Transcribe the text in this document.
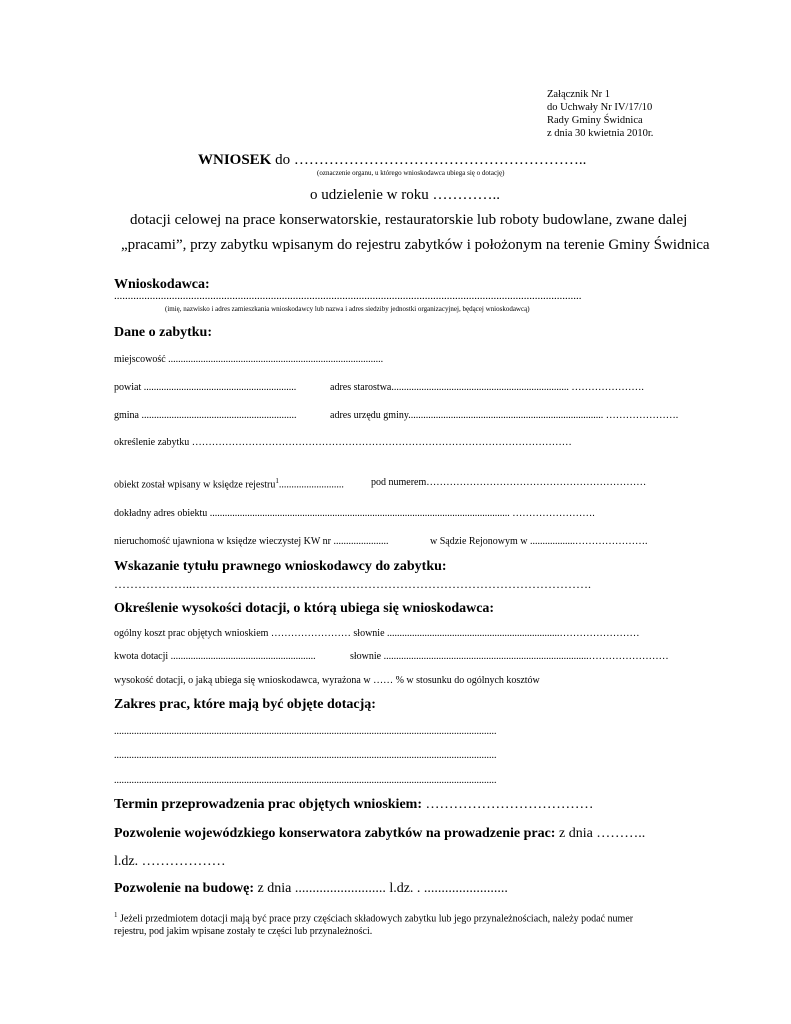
Załącznik Nr 1
do Uchwały Nr IV/17/10
Rady Gminy Świdnica
z dnia 30 kwietnia 2010r.
WNIOSEK do …………………………………………………..
(oznaczenie organu, u którego wnioskodawca ubiega się o dotację)
o udzielenie w roku …………..
dotacji celowej na prace konserwatorskie, restauratorskie lub roboty budowlane, zwane dalej
„pracami”, przy zabytku wpisanym do rejestru zabytków i położonym na terenie Gminy Świdnica
Wnioskodawca:
..........................................................................................................................................................................
(imię, nazwisko i adres zamieszkania wnioskodawcy lub nazwa i adres siedziby jednostki organizacyjnej, będącej wnioskodawcą)
Dane o zabytku:
miejscowość ......................................................................................
powiat .............................................................	adres starostwa....................................................................... ………………….
gmina ..............................................................	adres urzędu gminy.............................................................................. ………………….
określenie zabytku ……………………………………………………………………………………………………
obiekt został wpisany w księdze rejestru$^1$..........................	pod numerem…………………………………………………………
dokładny adres obiektu ........................................................................................................................ …………………….
nieruchomość ujawniona w księdze wieczystej KW nr ......................	w Sądzie Rejonowym w ..................………………….
Wskazanie tytułu prawnego wnioskodawcy do zabytku:
………………..……………………………………………………………………………………….
Określenie wysokości dotacji, o którą ubiega się wnioskodawca:
ogólny koszt prac objętych wnioskiem …………………… słownie .....................................................................……………………
kwota dotacji ..........................................................	słownie ..................................................................................……………………
wysokość dotacji, o jaką ubiega się wnioskodawca, wyrażona w …… % w stosunku do ogólnych kosztów
Zakres prac, które mają być objęte dotacją:
.........................................................................................................................................................
.........................................................................................................................................................
.........................................................................................................................................................
Termin przeprowadzenia prac objętych wnioskiem: ………………………………
Pozwolenie wojewódzkiego konserwatora zabytków na prowadzenie prac: z dnia ………..
l.dz. ………………
Pozwolenie na budowę: z dnia .......................... l.dz. . ........................
$^1$ Jeżeli przedmiotem dotacji mają być prace przy częściach składowych zabytku lub jego przynależnościach, należy podać numer
rejestru, pod jakim wpisane zostały te części lub przynależności.
